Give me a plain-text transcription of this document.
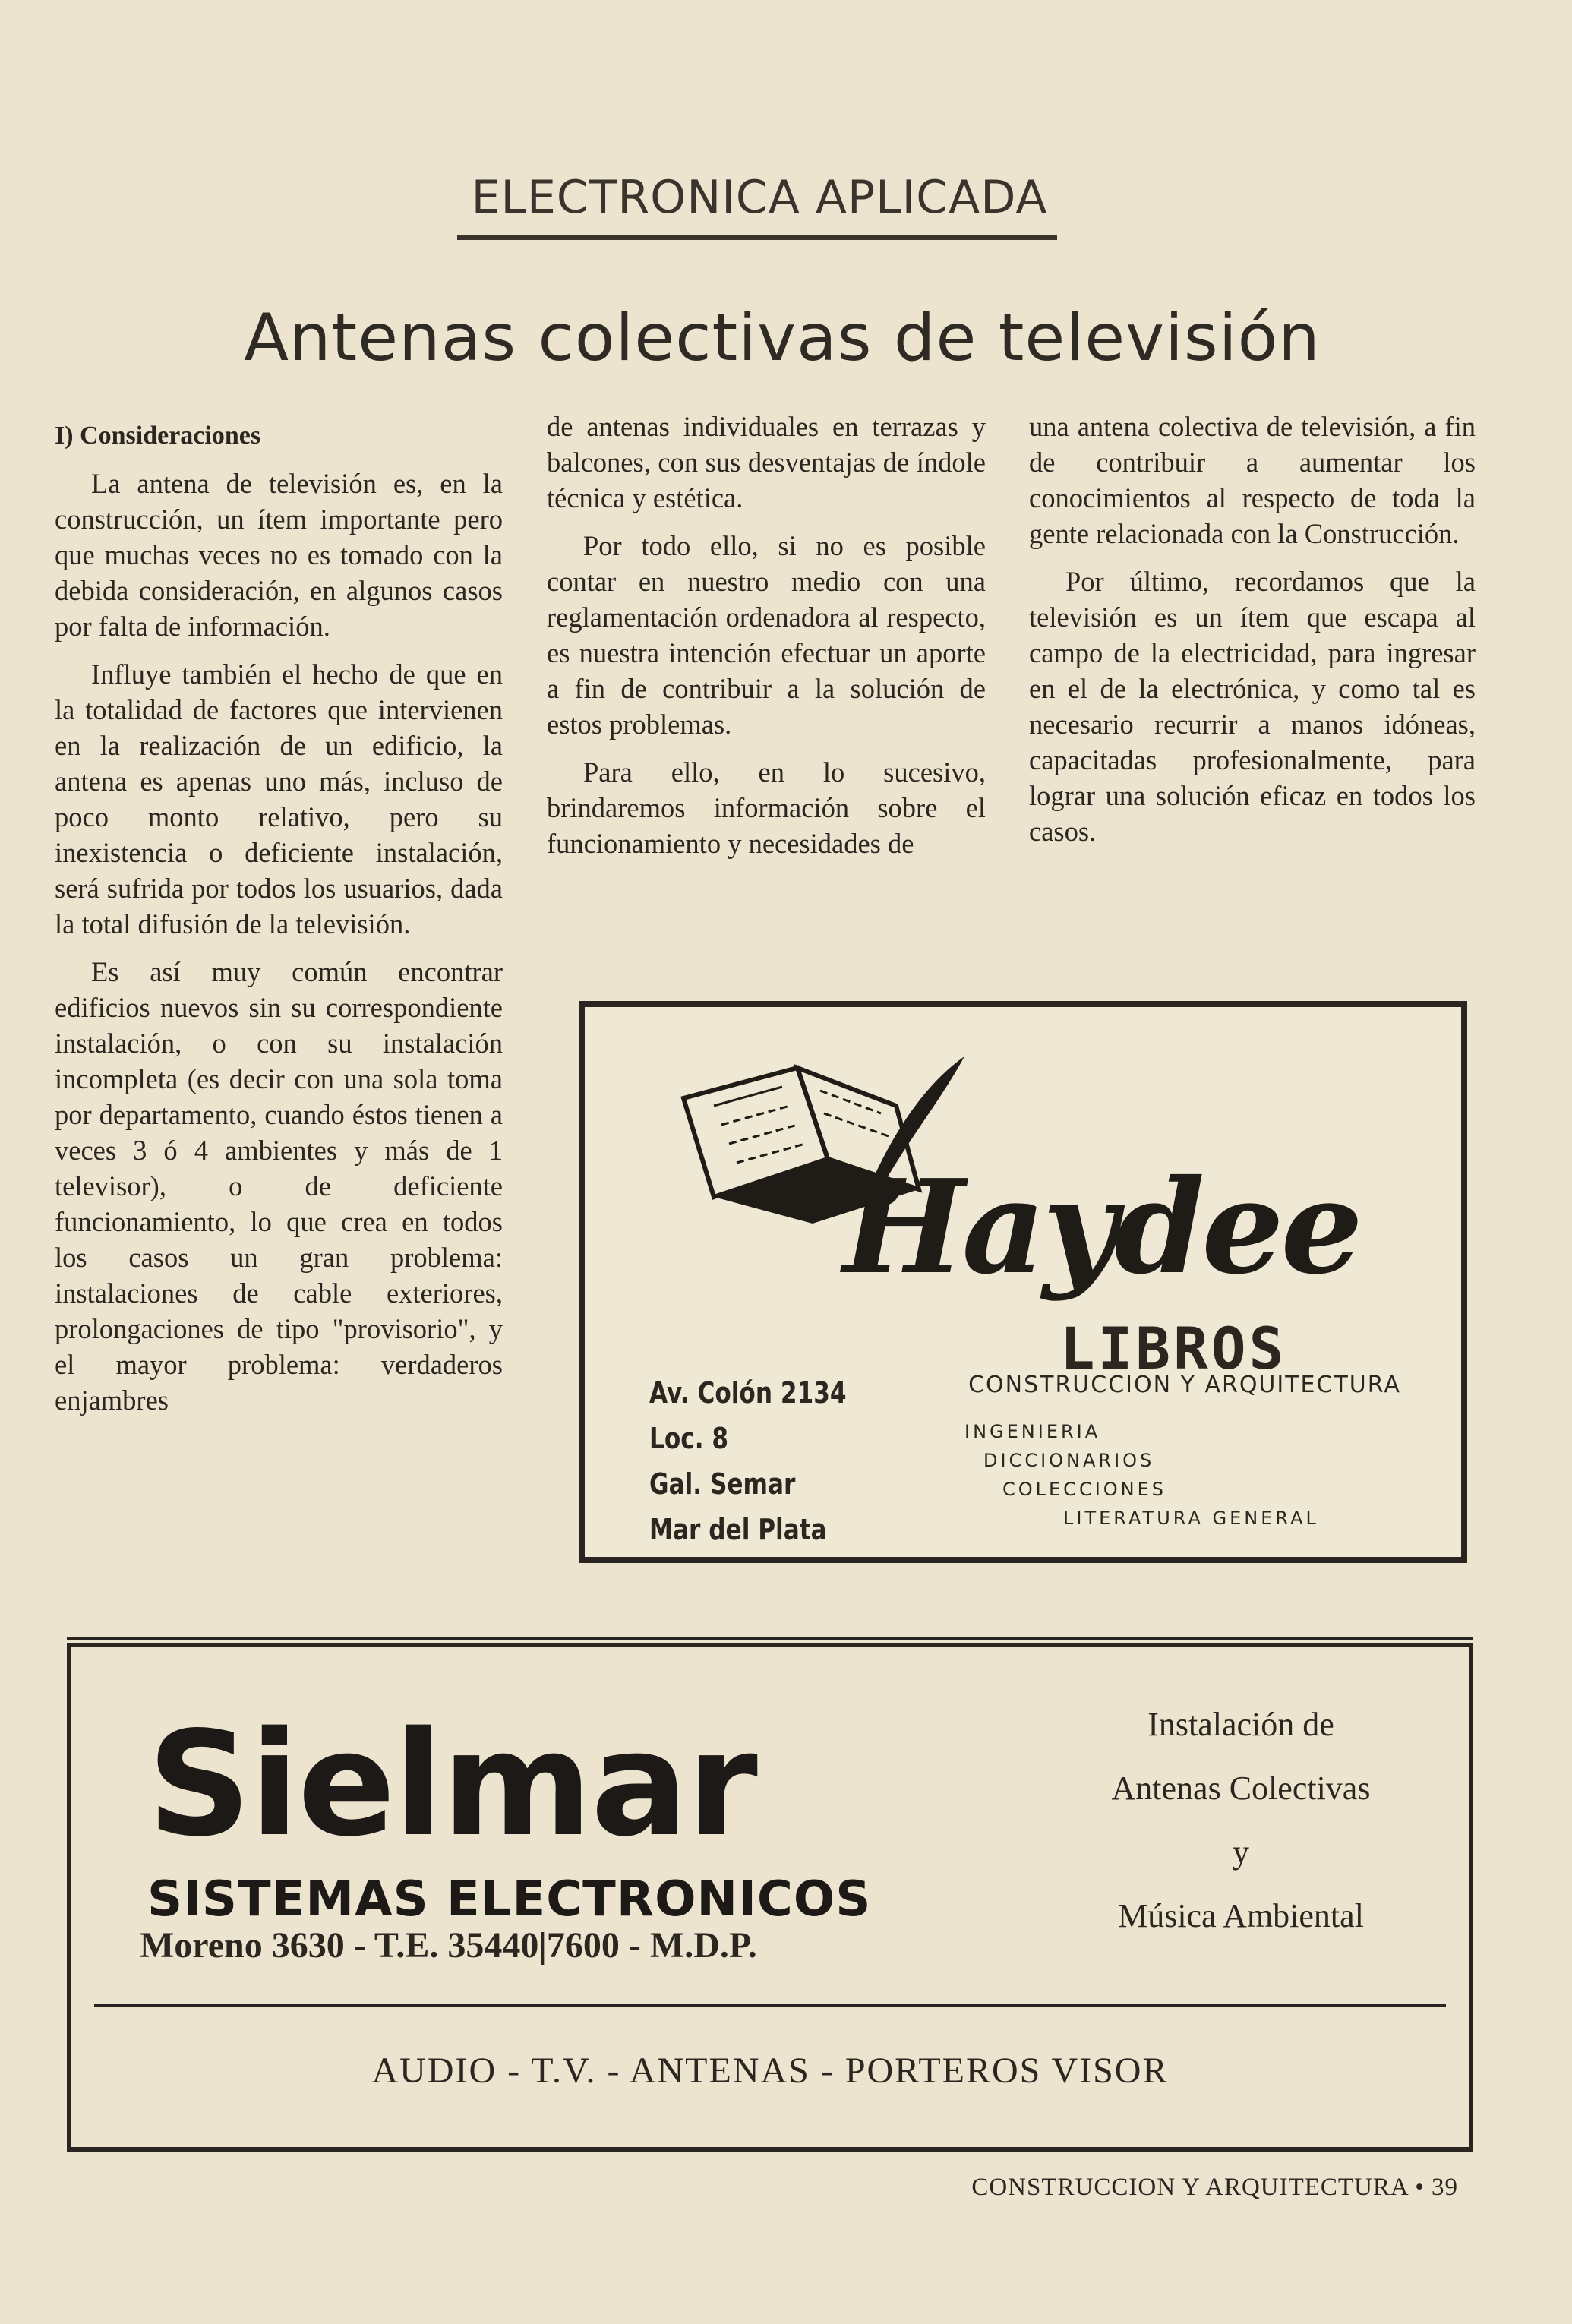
ELECTRONICA APLICADA
Antenas colectivas de televisión

I) Consideraciones

La antena de televisión es, en la construcción, un ítem importante pero que muchas veces no es tomado con la debida consideración, en algunos casos por falta de información.

Influye también el hecho de que en la totalidad de factores que intervienen en la realización de un edificio, la antena es apenas uno más, incluso de poco monto relativo, pero su inexistencia o deficiente instalación, será sufrida por todos los usuarios, dada la total difusión de la televisión.

Es así muy común encontrar edificios nuevos sin su correspondiente instalación, o con su instalación incompleta (es decir con una sola toma por departamento, cuando éstos tienen a veces 3 ó 4 ambientes y más de 1 televisor), o de deficiente funcionamiento, lo que crea en todos los casos un gran problema: instalaciones de cable exteriores, prolongaciones de tipo "provisorio", y el mayor problema: verdaderos enjambres

de antenas individuales en terrazas y balcones, con sus desventajas de índole técnica y estética.

Por todo ello, si no es posible contar en nuestro medio con una reglamentación ordenadora al respecto, es nuestra intención efectuar un aporte a fin de contribuir a la solución de estos problemas.

Para ello, en lo sucesivo, brindaremos información sobre el funcionamiento y necesidades de

una antena colectiva de televisión, a fin de contribuir a aumentar los conocimientos al respecto de toda la gente relacionada con la Construcción.

Por último, recordamos que la televisión es un ítem que escapa al campo de la electricidad, para ingresar en el de la electrónica, y como tal es necesario recurrir a manos idóneas, capacitadas profesionalmente, para lograr una solución eficaz en todos los casos.

Haydee
LIBROS
Av. Colón 2134
Loc. 8
Gal. Semar
Mar del Plata
CONSTRUCCION Y ARQUITECTURA
INGENIERIA
DICCIONARIOS
COLECCIONES
LITERATURA GENERAL
Sielmar
SISTEMAS ELECTRONICOS
Moreno 3630 - T.E. 35440|7600 - M.D.P.
Instalación de
Antenas Colectivas
y
Música Ambiental
AUDIO - T.V. - ANTENAS - PORTEROS VISOR
CONSTRUCCION Y ARQUITECTURA • 39
